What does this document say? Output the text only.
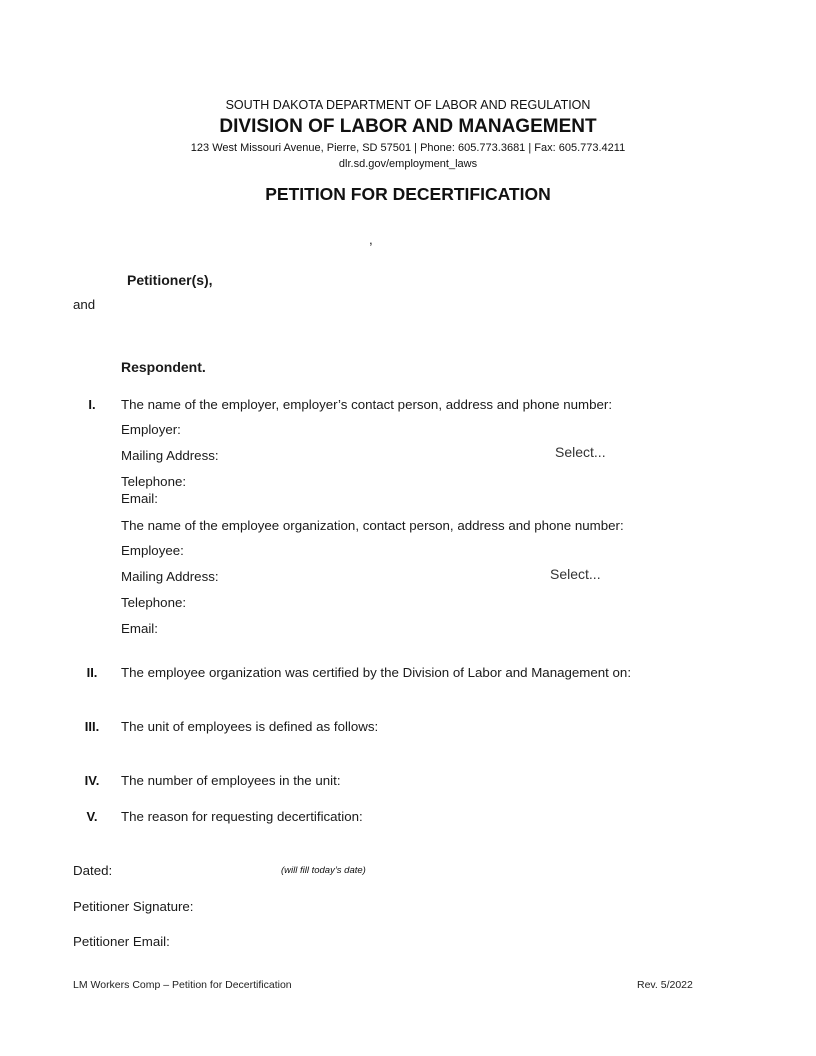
SOUTH DAKOTA DEPARTMENT OF LABOR AND REGULATION
DIVISION OF LABOR AND MANAGEMENT
123 West Missouri Avenue, Pierre, SD 57501 | Phone: 605.773.3681 | Fax: 605.773.4211
dlr.sd.gov/employment_laws
PETITION FOR DECERTIFICATION
,
Petitioner(s),
and
Respondent.
I.	The name of the employer, employer’s contact person, address and phone number:
Employer:
Mailing Address:	Select...
Telephone:
Email:
The name of the employee organization, contact person, address and phone number:
Employee:
Mailing Address:	Select...
Telephone:
Email:
II.	The employee organization was certified by the Division of Labor and Management on:
III.	The unit of employees is defined as follows:
IV.	The number of employees in the unit:
V.	The reason for requesting decertification:
Dated:	(will fill today’s date)
Petitioner Signature:
Petitioner Email:
LM Workers Comp – Petition for Decertification	Rev. 5/2022
